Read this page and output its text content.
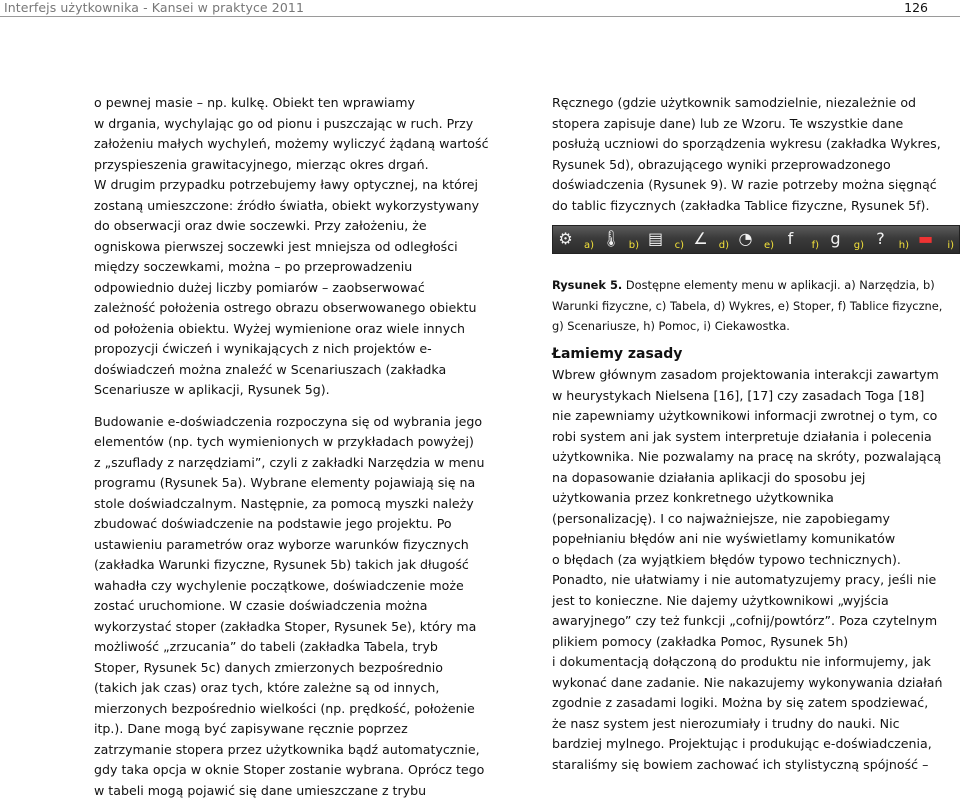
Interfejs użytkownika - Kansei w praktyce 2011	126

o pewnej masie – np. kulkę. Obiekt ten wprawiamy
w drgania, wychylając go od pionu i puszczając w ruch. Przy
założeniu małych wychyleń, możemy wyliczyć żądaną wartość
przyspieszenia grawitacyjnego, mierząc okres drgań.
W drugim przypadku potrzebujemy ławy optycznej, na której
zostaną umieszczone: źródło światła, obiekt wykorzystywany
do obserwacji oraz dwie soczewki. Przy założeniu, że
ogniskowa pierwszej soczewki jest mniejsza od odległości
między soczewkami, można – po przeprowadzeniu
odpowiednio dużej liczby pomiarów – zaobserwować
zależność położenia ostrego obrazu obserwowanego obiektu
od położenia obiektu. Wyżej wymienione oraz wiele innych
propozycji ćwiczeń i wynikających z nich projektów e-
doświadczeń można znaleźć w Scenariuszach (zakładka
Scenariusze w aplikacji, Rysunek 5g).

Budowanie e-doświadczenia rozpoczyna się od wybrania jego
elementów (np. tych wymienionych w przykładach powyżej)
z „szuflady z narzędziami”, czyli z zakładki Narzędzia w menu
programu (Rysunek 5a). Wybrane elementy pojawiają się na
stole doświadczalnym. Następnie, za pomocą myszki należy
zbudować doświadczenie na podstawie jego projektu. Po
ustawieniu parametrów oraz wyborze warunków fizycznych
(zakładka Warunki fizyczne, Rysunek 5b) takich jak długość
wahadła czy wychylenie początkowe, doświadczenie może
zostać uruchomione. W czasie doświadczenia można
wykorzystać stoper (zakładka Stoper, Rysunek 5e), który ma
możliwość „zrzucania” do tabeli (zakładka Tabela, tryb
Stoper, Rysunek 5c) danych zmierzonych bezpośrednio
(takich jak czas) oraz tych, które zależne są od innych,
mierzonych bezpośrednio wielkości (np. prędkość, położenie
itp.). Dane mogą być zapisywane ręcznie poprzez
zatrzymanie stopera przez użytkownika bądź automatycznie,
gdy taka opcja w oknie Stoper zostanie wybrana. Oprócz tego
w tabeli mogą pojawić się dane umieszczane z trybu

Ręcznego (gdzie użytkownik samodzielnie, niezależnie od
stopera zapisuje dane) lub ze Wzoru. Te wszystkie dane
posłużą uczniowi do sporządzenia wykresu (zakładka Wykres,
Rysunek 5d), obrazującego wyniki przeprowadzonego
doświadczenia (Rysunek 9). W razie potrzeby można sięgnąć
do tablic fizycznych (zakładka Tablice fizyczne, Rysunek 5f).

⚙ a) 🌡 b) ▤ c) ∠ d) ◔ e) f	f) g	g) ?	h) ▬ i)
Rysunek 5. Dostępne elementy menu w aplikacji. a) Narzędzia, b)
Warunki fizyczne, c) Tabela, d) Wykres, e) Stoper, f) Tablice fizyczne,
g) Scenariusze, h) Pomoc, i) Ciekawostka.
Łamiemy zasady

Wbrew głównym zasadom projektowania interakcji zawartym
w heurystykach Nielsena [16], [17] czy zasadach Toga [18]
nie zapewniamy użytkownikowi informacji zwrotnej o tym, co
robi system ani jak system interpretuje działania i polecenia
użytkownika. Nie pozwalamy na pracę na skróty, pozwalającą
na dopasowanie działania aplikacji do sposobu jej
użytkowania przez konkretnego użytkownika
(personalizację). I co najważniejsze, nie zapobiegamy
popełnianiu błędów ani nie wyświetlamy komunikatów
o błędach (za wyjątkiem błędów typowo technicznych).
Ponadto, nie ułatwiamy i nie automatyzujemy pracy, jeśli nie
jest to konieczne. Nie dajemy użytkownikowi „wyjścia
awaryjnego” czy też funkcji „cofnij/powtórz”. Poza czytelnym
plikiem pomocy (zakładka Pomoc, Rysunek 5h)
i dokumentacją dołączoną do produktu nie informujemy, jak
wykonać dane zadanie. Nie nakazujemy wykonywania działań
zgodnie z zasadami logiki. Można by się zatem spodziewać,
że nasz system jest nierozumiały i trudny do nauki. Nic
bardziej mylnego. Projektując i produkując e-doświadczenia,
staraliśmy się bowiem zachować ich stylistyczną spójność –
